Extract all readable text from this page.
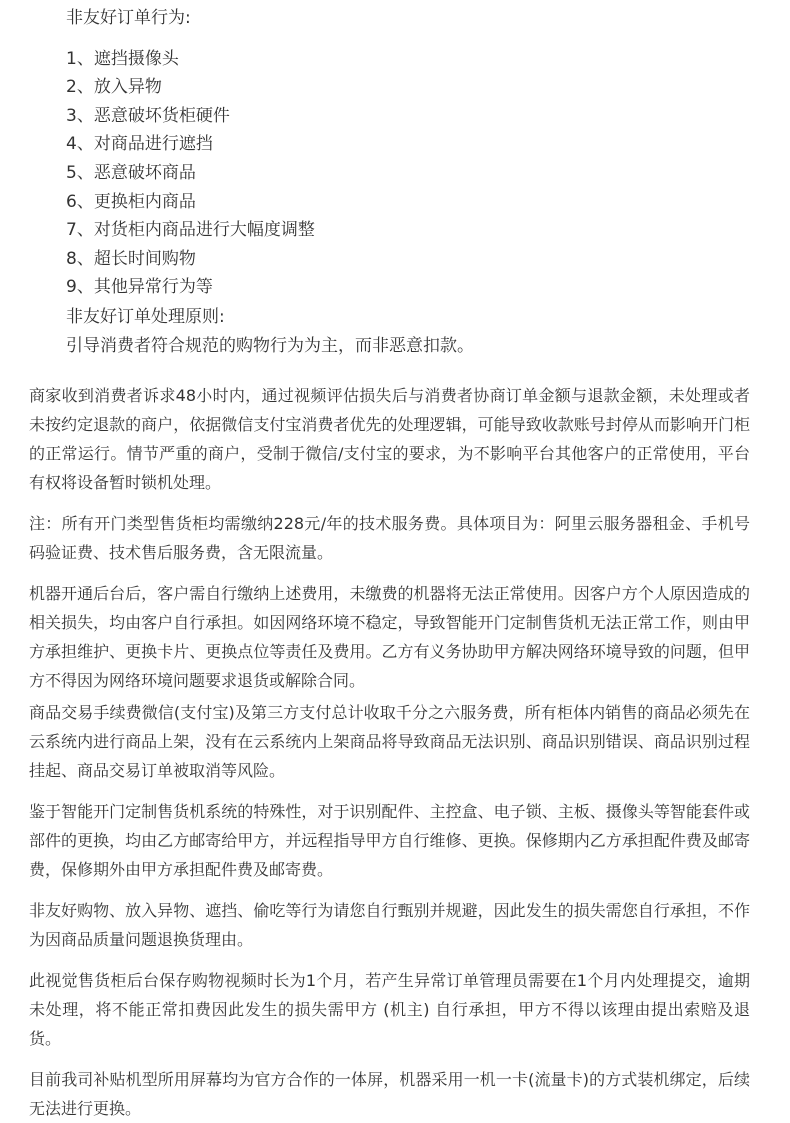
非友好订单行为:
1、遮挡摄像头
2、放入异物
3、恶意破坏货柜硬件
4、对商品进行遮挡
5、恶意破坏商品
6、更换柜内商品
7、对货柜内商品进行大幅度调整
8、超长时间购物
9、其他异常行为等
非友好订单处理原则:
引导消费者符合规范的购物行为为主，而非恶意扣款。

商家收到消费者诉求48小时内，通过视频评估损失后与消费者协商订单金额与退款金额，未处理或者未按约定退款的商户，依据微信支付宝消费者优先的处理逻辑，可能导致收款账号封停从而影响开门柜的正常运行。情节严重的商户，受制于微信/支付宝的要求，为不影响平台其他客户的正常使用，平台有权将设备暂时锁机处理。

注：所有开门类型售货柜均需缴纳228元/年的技术服务费。具体项目为：阿里云服务器租金、手机号码验证费、技术售后服务费，含无限流量。

机器开通后台后，客户需自行缴纳上述费用，未缴费的机器将无法正常使用。因客户方个人原因造成的相关损失，均由客户自行承担。如因网络环境不稳定，导致智能开门定制售货机无法正常工作，则由甲方承担维护、更换卡片、更换点位等责任及费用。乙方有义务协助甲方解决网络环境导致的问题，但甲方不得因为网络环境问题要求退货或解除合同。

商品交易手续费微信(支付宝)及第三方支付总计收取千分之六服务费，所有柜体内销售的商品必须先在云系统内进行商品上架，没有在云系统内上架商品将导致商品无法识别、商品识别错误、商品识别过程挂起、商品交易订单被取消等风险。

鉴于智能开门定制售货机系统的特殊性，对于识别配件、主控盒、电子锁、主板、摄像头等智能套件或部件的更换，均由乙方邮寄给甲方，并远程指导甲方自行维修、更换。保修期内乙方承担配件费及邮寄费，保修期外由甲方承担配件费及邮寄费。

非友好购物、放入异物、遮挡、偷吃等行为请您自行甄别并规避，因此发生的损失需您自行承担，不作为因商品质量问题退换货理由。

此视觉售货柜后台保存购物视频时长为1个月，若产生异常订单管理员需要在1个月内处理提交，逾期未处理，将不能正常扣费因此发生的损失需甲方 (机主) 自行承担，甲方不得以该理由提出索赔及退货。

目前我司补贴机型所用屏幕均为官方合作的一体屏，机器采用一机一卡(流量卡)的方式装机绑定，后续无法进行更换。
